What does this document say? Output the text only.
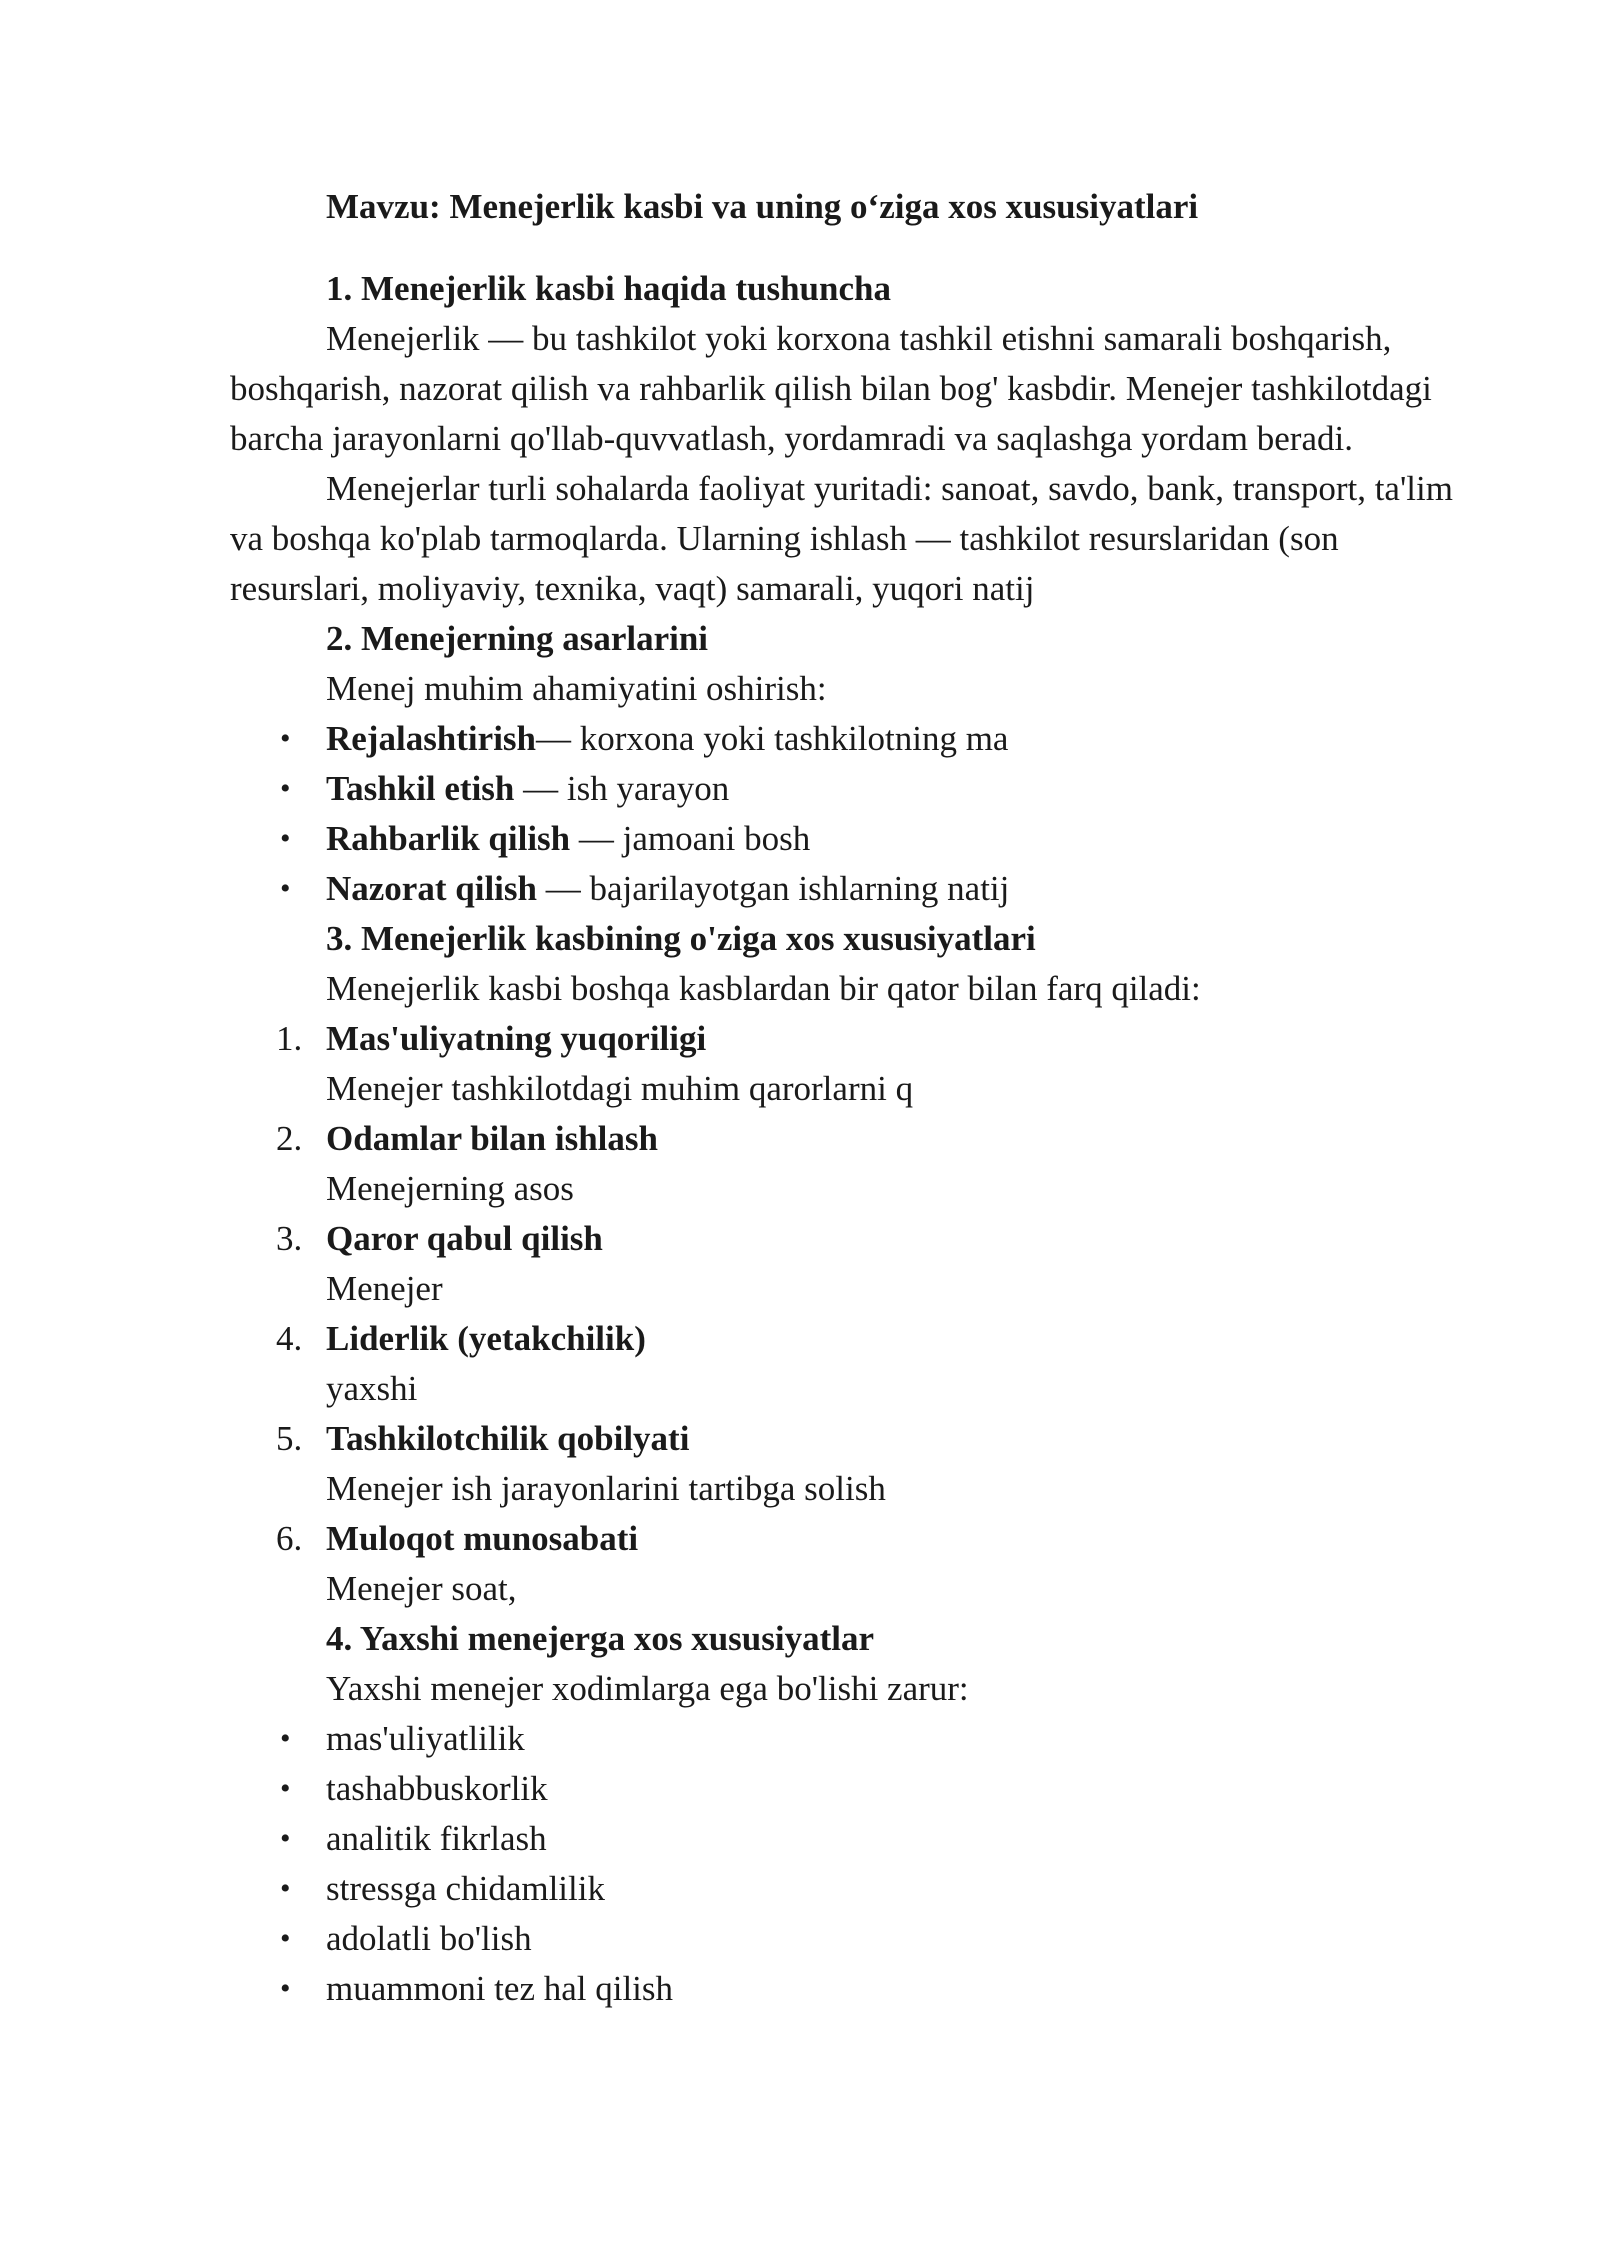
Mavzu: Menejerlik kasbi va uning o‘ziga xos xususiyatlari

1. Menejerlik kasbi haqida tushuncha

Menejerlik — bu tashkilot yoki korxona tashkil etishni samarali boshqarish, boshqarish, nazorat qilish va rahbarlik qilish bilan bog' kasbdir. Menejer tashkilotdagi barcha jarayonlarni qo'llab-quvvatlash, yordamradi va saqlashga yordam beradi.

Menejerlar turli sohalarda faoliyat yuritadi: sanoat, savdo, bank, transport, ta'lim va boshqa ko'plab tarmoqlarda. Ularning ishlash — tashkilot resurslaridan (son resurslari, moliyaviy, texnika, vaqt) samarali, yuqori natij

2. Menejerning asarlarini

Menej muhim ahamiyatini oshirish:

• Rejalashtirish— korxona yoki tashkilotning ma
• Tashkil etish — ish yarayon
• Rahbarlik qilish — jamoani bosh
• Nazorat qilish — bajarilayotgan ishlarning natij

3. Menejerlik kasbining o'ziga xos xususiyatlari

Menejerlik kasbi boshqa kasblardan bir qator bilan farq qiladi:

1. Mas'uliyatning yuqoriligi
Menejer tashkilotdagi muhim qarorlarni q
2. Odamlar bilan ishlash
Menejerning asos
3. Qaror qabul qilish
Menejer
4. Liderlik (yetakchilik)
yaxshi
5. Tashkilotchilik qobilyati
Menejer ish jarayonlarini tartibga solish
6. Muloqot munosabati
Menejer soat,

4. Yaxshi menejerga xos xususiyatlar

Yaxshi menejer xodimlarga ega bo'lishi zarur:

• mas'uliyatlilik
• tashabbuskorlik
• analitik fikrlash
• stressga chidamlilik
• adolatli bo'lish
• muammoni tez hal qilish
